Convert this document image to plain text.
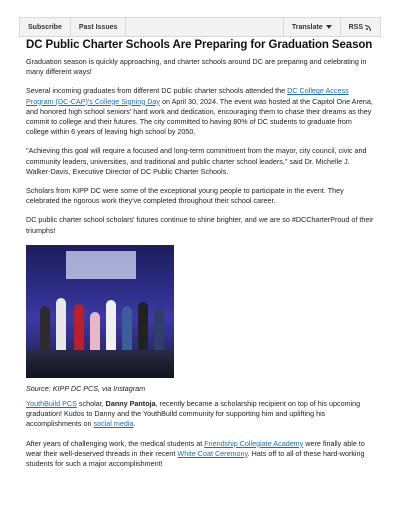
Subscribe	Past Issues	Translate	RSS
DC Public Charter Schools Are Preparing for Graduation Season

Graduation season is quickly approaching, and charter schools around DC are preparing and celebrating in many different ways!

Several incoming graduates from different DC public charter schools attended the DC College Access Program (DC-CAP)'s College Signing Day on April 30, 2024. The event was hosted at the Capitol One Arena, and honored high school seniors' hard work and dedication, encouraging them to chase their dreams as they commit to college and their futures. The city committed to having 80% of DC students to graduate from college within 6 years of leaving high school by 2050.

"Achieving this goal will require a focused and long-term commitment from the mayor, city council, civic and community leaders, universities, and traditional and public charter school leaders," said Dr. Michelle J. Walker-Davis, Executive Director of DC Public Charter Schools.

Scholars from KIPP DC were some of the exceptional young people to participate in the event. They celebrated the rigorous work they've completed throughout their school career.

DC public charter school scholars' futures continue to shine brighter, and we are so #DCCharterProud of their triumphs!

Source: KIPP DC PCS, via Instagram

YouthBuild PCS scholar, Danny Pantoja, recently became a scholarship recipient on top of his upcoming graduation! Kudos to Danny and the YouthBuild community for supporting him and uplifting his accomplishments on social media.

After years of challenging work, the medical students at Friendship Collegiate Academy were finally able to wear their well-deserved threads in their recent White Coat Ceremony. Hats off to all of these hard-working students for such a major accomplishment!
